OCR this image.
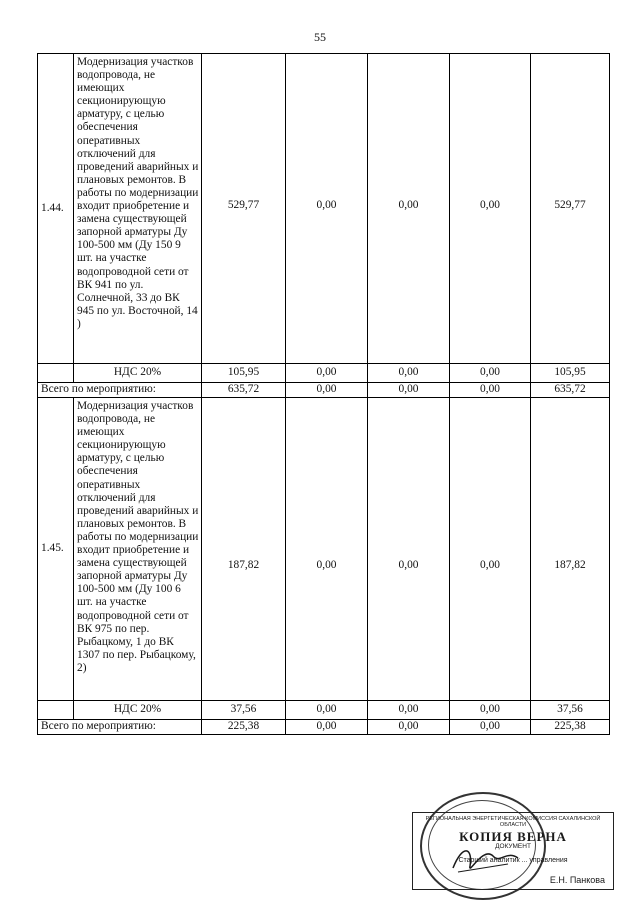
55
1.44.	Модернизация участков водопровода, не имеющих секционирующую арматуру, с целью обеспечения оперативных отключений для проведений аварийных и плановых ремонтов. В работы по модернизации входит приобретение и замена существующей запорной арматуры Ду 100-500 мм (Ду 150 9 шт. на участке водопроводной сети от ВК 941 по ул. Солнечной, 33 до ВК 945 по ул. Восточной, 14 )	529,77	0,00	0,00	0,00	529,77
	НДС 20%	105,95	0,00	0,00	0,00	105,95
Всего по мероприятию:		635,72	0,00	0,00	0,00	635,72
1.45.	Модернизация участков водопровода, не имеющих секционирующую арматуру, с целью обеспечения оперативных отключений для проведений аварийных и плановых ремонтов. В работы по модернизации входит приобретение и замена существующей запорной арматуры Ду 100-500 мм (Ду 100 6 шт. на участке водопроводной сети от ВК 975 по пер. Рыбацкому, 1 до ВК 1307 по пер. Рыбацкому, 2)	187,82	0,00	0,00	0,00	187,82
	НДС 20%	37,56	0,00	0,00	0,00	37,56
Всего по мероприятию:		225,38	0,00	0,00	0,00	225,38
РЕГИОНАЛЬНАЯ ЭНЕРГЕТИЧЕСКАЯ КОМИССИЯ САХАЛИНСКОЙ ОБЛАСТИ
КОПИЯ ВЕРНА
ДОКУМЕНТ
Старший аналитик ... управления
Е.Н. Панкова
